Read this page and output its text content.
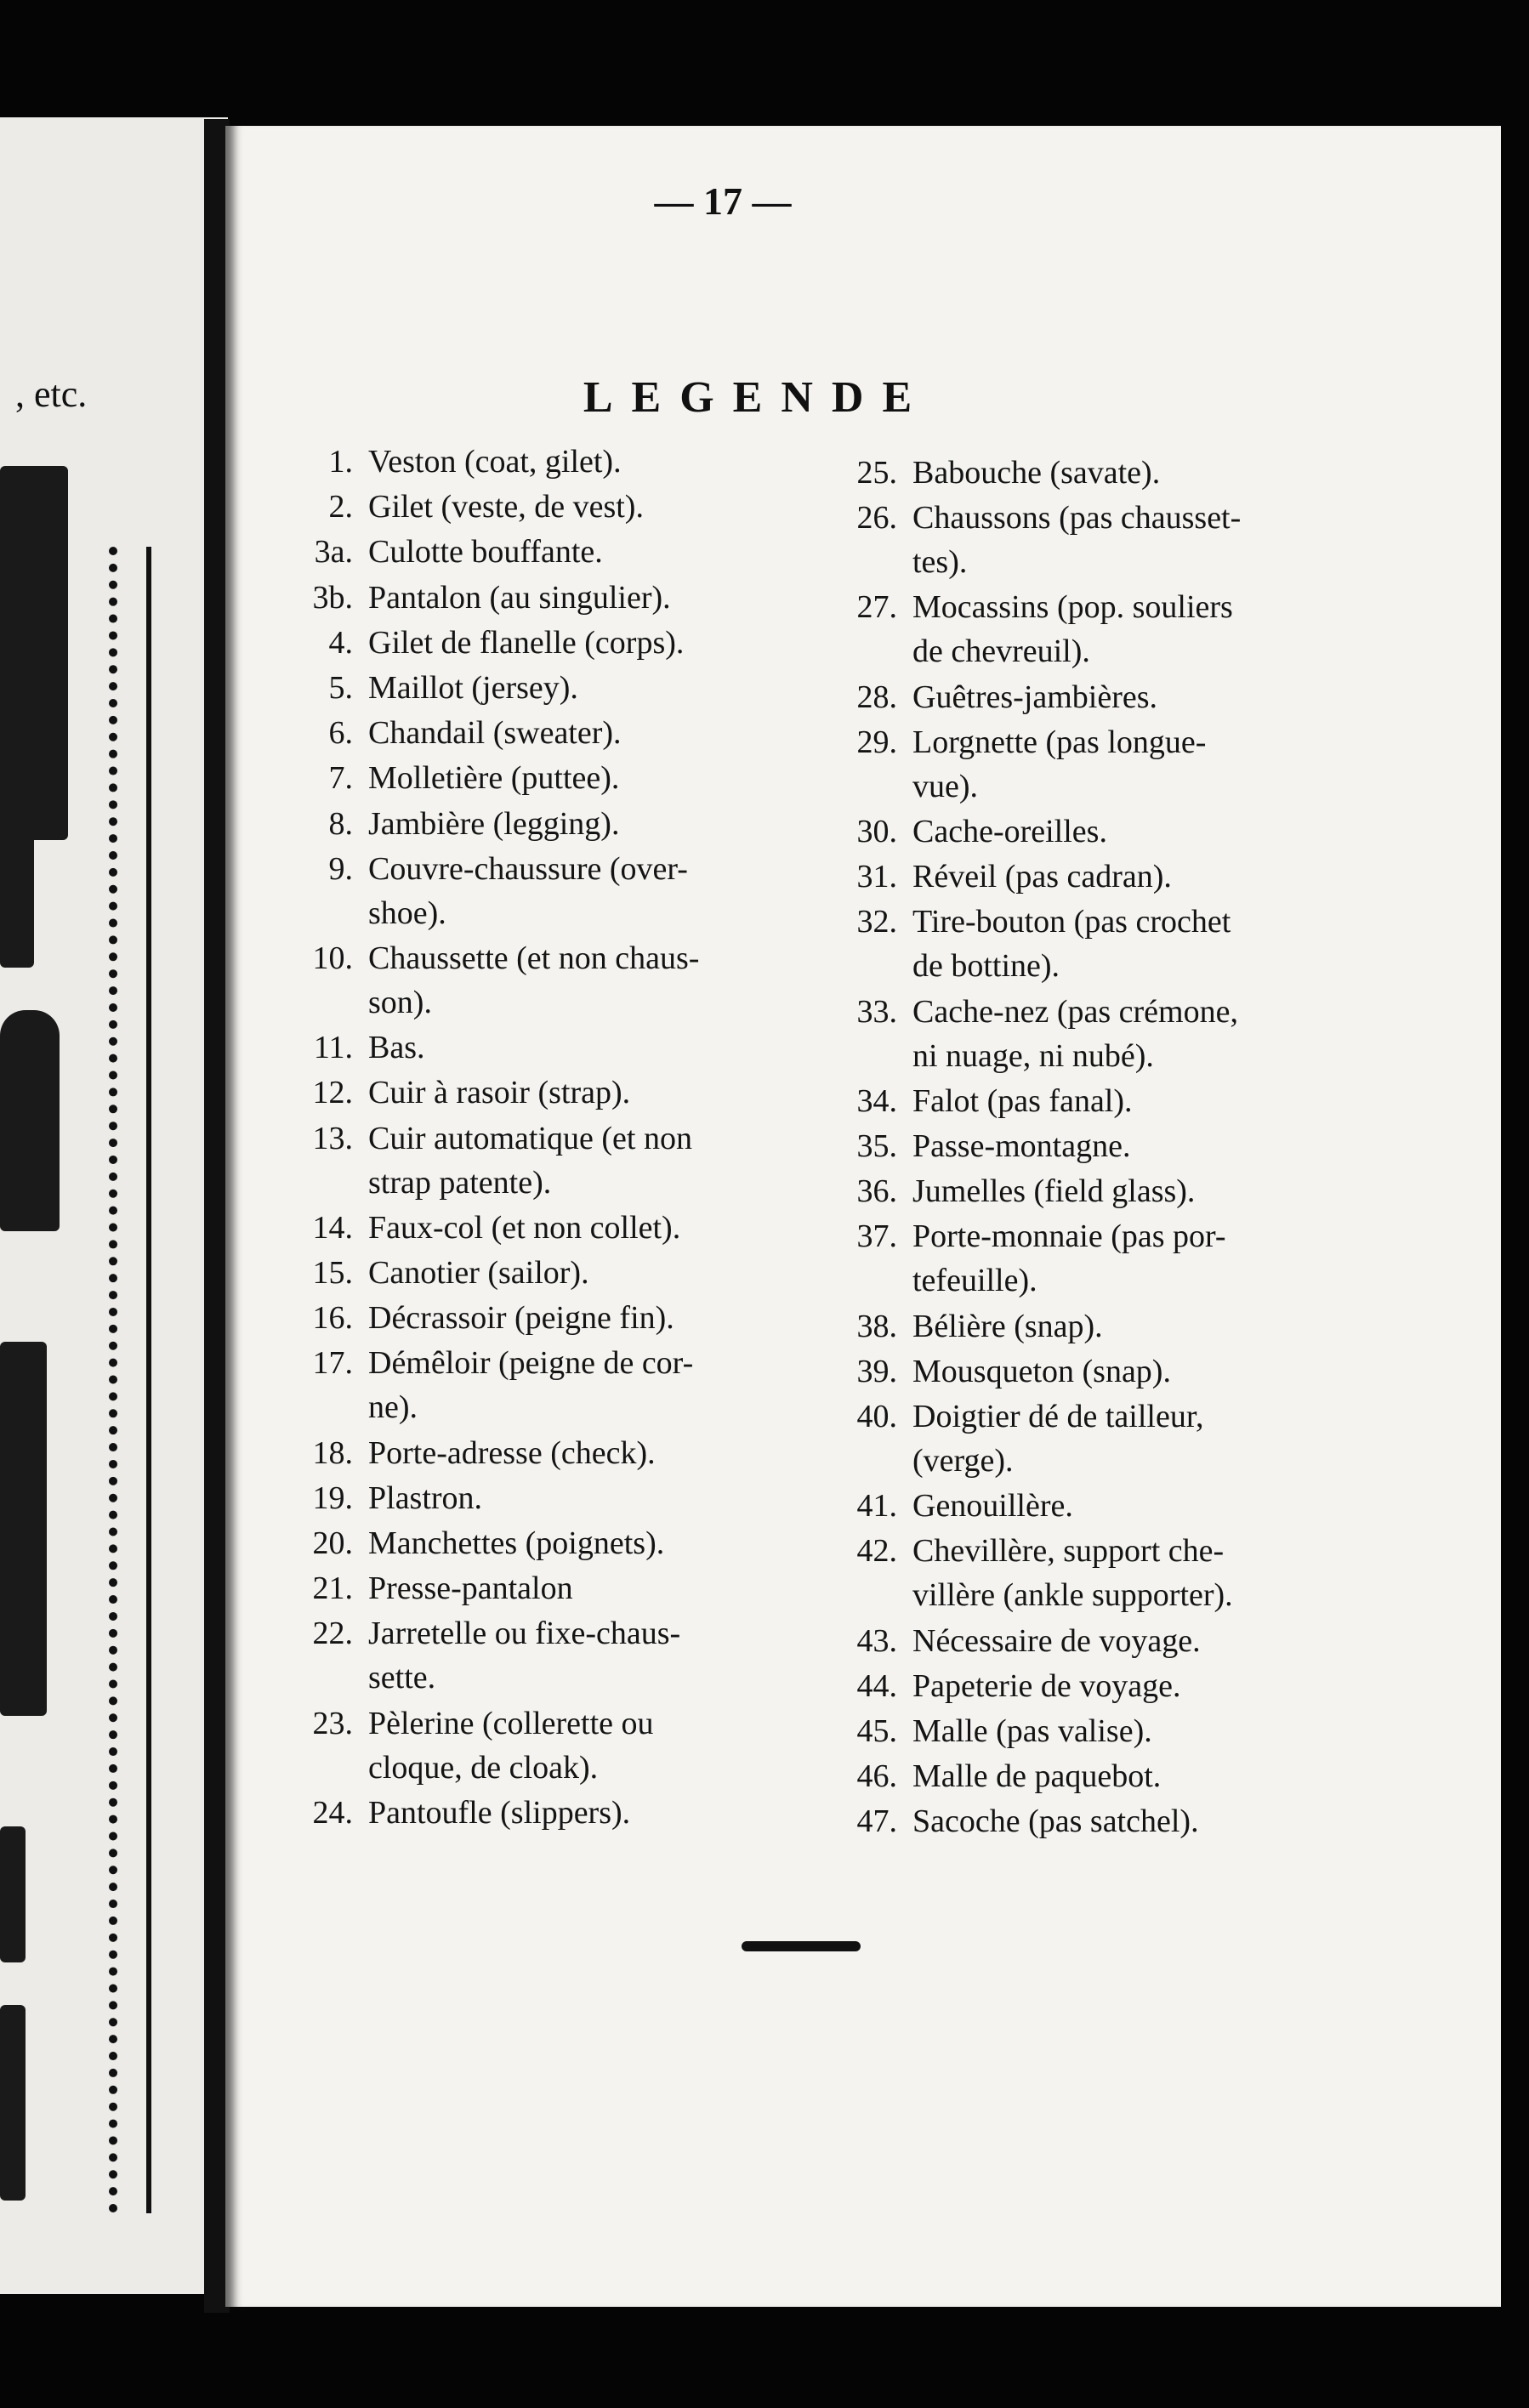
, etc.
— 17 —
LEGENDE
1. Veston (coat, gilet).
2. Gilet (veste, de vest).
3a. Culotte bouffante.
3b. Pantalon (au singulier).
4. Gilet de flanelle (corps).
5. Maillot (jersey).
6. Chandail (sweater).
7. Molletière (puttee).
8. Jambière (legging).
9. Couvre-chaussure (over-
shoe).
10. Chaussette (et non chaus-
son).
11. Bas.
12. Cuir à rasoir (strap).
13. Cuir automatique (et non
strap patente).
14. Faux-col (et non collet).
15. Canotier (sailor).
16. Décrassoir (peigne fin).
17. Démêloir (peigne de cor-
ne).
18. Porte-adresse (check).
19. Plastron.
20. Manchettes (poignets).
21. Presse-pantalon
22. Jarretelle ou fixe-chaus-
sette.
23. Pèlerine (collerette ou
cloque, de cloak).
24. Pantoufle (slippers).
25. Babouche (savate).
26. Chaussons (pas chausset-
tes).
27. Mocassins (pop. souliers
de chevreuil).
28. Guêtres-jambières.
29. Lorgnette (pas longue-
vue).
30. Cache-oreilles.
31. Réveil (pas cadran).
32. Tire-bouton (pas crochet
de bottine).
33. Cache-nez (pas crémone,
ni nuage, ni nubé).
34. Falot (pas fanal).
35. Passe-montagne.
36. Jumelles (field glass).
37. Porte-monnaie (pas por-
tefeuille).
38. Bélière (snap).
39. Mousqueton (snap).
40. Doigtier dé de tailleur,
(verge).
41. Genouillère.
42. Chevillère, support che-
villère (ankle supporter).
43. Nécessaire de voyage.
44. Papeterie de voyage.
45. Malle (pas valise).
46. Malle de paquebot.
47. Sacoche (pas satchel).
